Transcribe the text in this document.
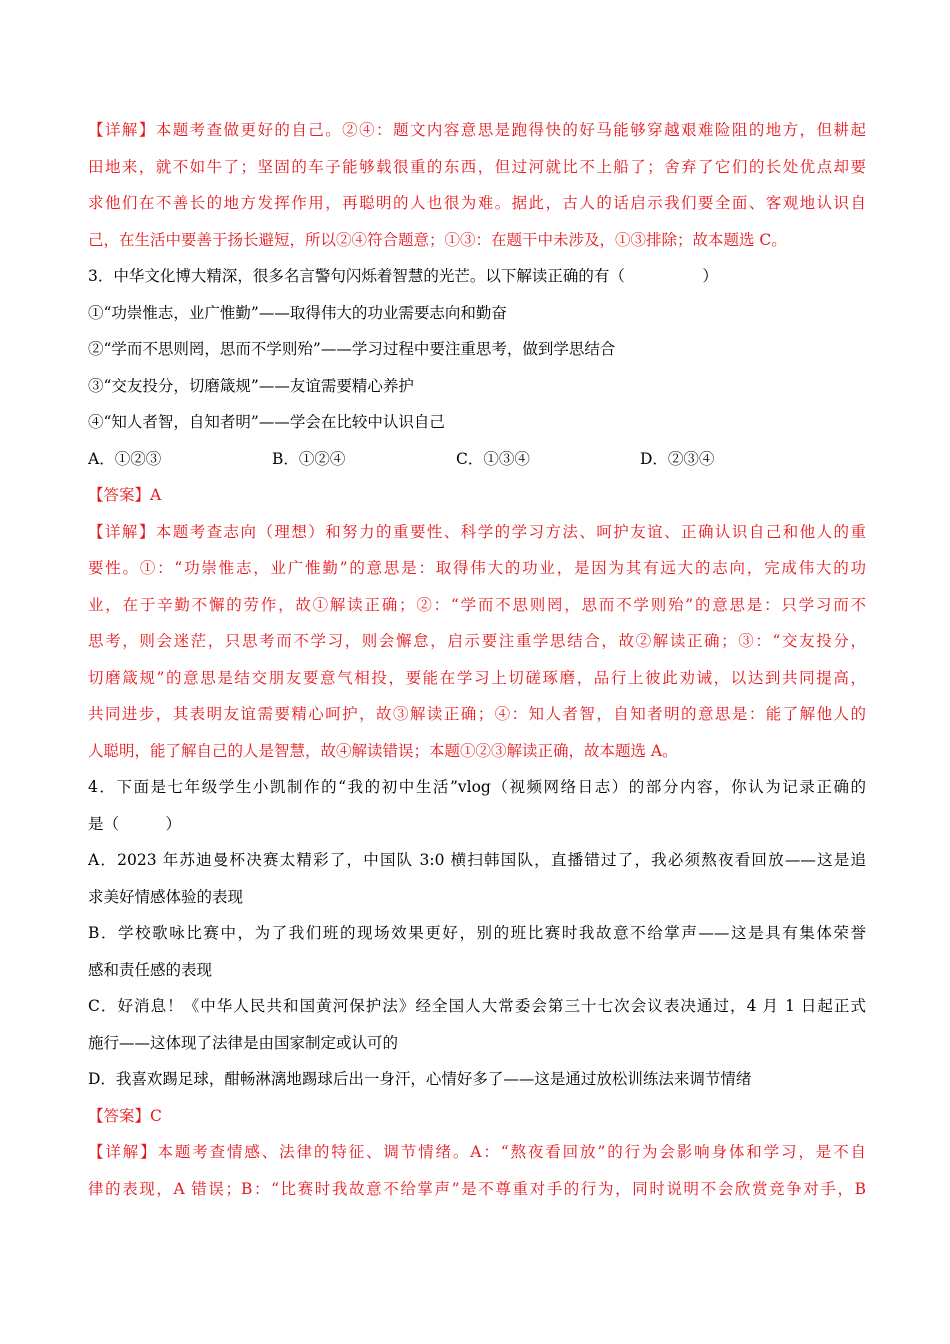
【详解】本题考查做更好的自己。②④：题文内容意思是跑得快的好马能够穿越艰难险阻的地方，但耕起
田地来，就不如牛了；坚固的车子能够载很重的东西，但过河就比不上船了；舍弃了它们的长处优点却要
求他们在不善长的地方发挥作用，再聪明的人也很为难。据此，古人的话启示我们要全面、客观地认识自
己，在生活中要善于扬长避短，所以②④符合题意；①③：在题干中未涉及，①③排除；故本题选 C。
3．中华文化博大精深，很多名言警句闪烁着智慧的光芒。以下解读正确的有（　　　　　）
①“功崇惟志，业广惟勤”——取得伟大的功业需要志向和勤奋
②“学而不思则罔，思而不学则殆”——学习过程中要注重思考，做到学思结合
③“交友投分，切磨箴规”——友谊需要精心养护
④“知人者智，自知者明”——学会在比较中认识自己
A．①②③	B．①②④	C．①③④	D．②③④
【答案】A
【详解】本题考查志向（理想）和努力的重要性、科学的学习方法、呵护友谊、正确认识自己和他人的重
要性。①：“功崇惟志，业广惟勤”的意思是：取得伟大的功业，是因为其有远大的志向，完成伟大的功
业，在于辛勤不懈的劳作，故①解读正确；②：“学而不思则罔，思而不学则殆”的意思是：只学习而不
思考，则会迷茫，只思考而不学习，则会懈怠，启示要注重学思结合，故②解读正确；③：“交友投分，
切磨箴规”的意思是结交朋友要意气相投，要能在学习上切磋琢磨，品行上彼此劝诫，以达到共同提高，
共同进步，其表明友谊需要精心呵护，故③解读正确；④：知人者智，自知者明的意思是：能了解他人的
人聪明，能了解自己的人是智慧，故④解读错误；本题①②③解读正确，故本题选 A。
4．下面是七年级学生小凯制作的“我的初中生活”vlog（视频网络日志）的部分内容，你认为记录正确的
是（　　　）
A．2023 年苏迪曼杯决赛太精彩了，中国队 3:0 横扫韩国队，直播错过了，我必须熬夜看回放——这是追
求美好情感体验的表现
B．学校歌咏比赛中，为了我们班的现场效果更好，别的班比赛时我故意不给掌声——这是具有集体荣誉
感和责任感的表现
C．好消息！《中华人民共和国黄河保护法》经全国人大常委会第三十七次会议表决通过，4 月 1 日起正式
施行——这体现了法律是由国家制定或认可的
D．我喜欢踢足球，酣畅淋漓地踢球后出一身汗，心情好多了——这是通过放松训练法来调节情绪
【答案】C
【详解】本题考查情感、法律的特征、调节情绪。A：“熬夜看回放”的行为会影响身体和学习，是不自
律的表现，A 错误；B：“比赛时我故意不给掌声”是不尊重对手的行为，同时说明不会欣赏竞争对手，B
